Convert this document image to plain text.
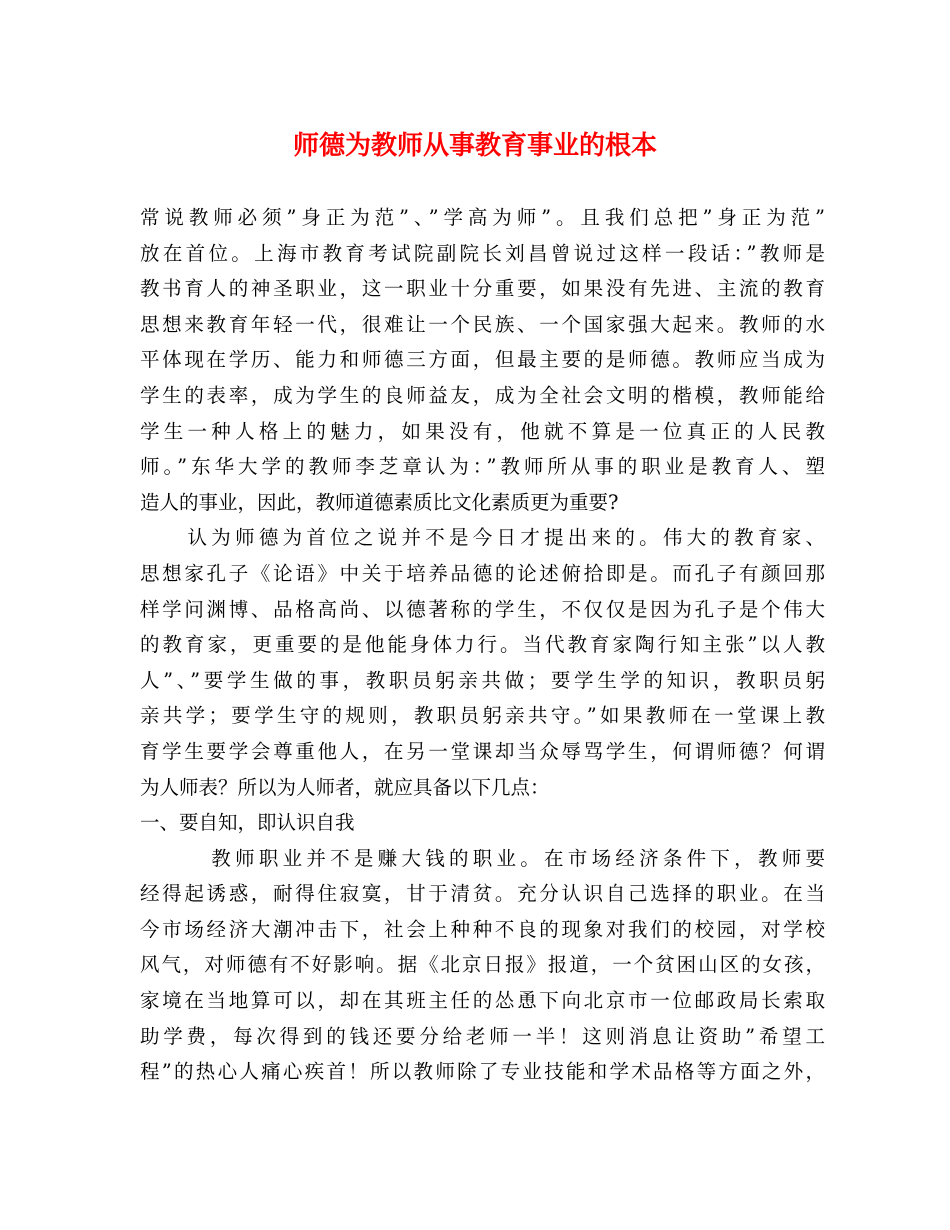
师德为教师从事教育事业的根本
常说教师必须”身正为范”、”学高为师”。且我们总把”身正为范”
放在首位。上海市教育考试院副院长刘昌曾说过这样一段话：”教师是
教书育人的神圣职业，这一职业十分重要，如果没有先进、主流的教育
思想来教育年轻一代，很难让一个民族、一个国家强大起来。教师的水
平体现在学历、能力和师德三方面，但最主要的是师德。教师应当成为
学生的表率，成为学生的良师益友，成为全社会文明的楷模，教师能给
学生一种人格上的魅力，如果没有，他就不算是一位真正的人民教
师。”东华大学的教师李芝章认为：”教师所从事的职业是教育人、塑
造人的事业，因此，教师道德素质比文化素质更为重要?
　　认为师德为首位之说并不是今日才提出来的。伟大的教育家、
思想家孔子《论语》中关于培养品德的论述俯拾即是。而孔子有颜回那
样学问渊博、品格高尚、以德著称的学生，不仅仅是因为孔子是个伟大
的教育家，更重要的是他能身体力行。当代教育家陶行知主张”以人教
人”、”要学生做的事，教职员躬亲共做；要学生学的知识，教职员躬
亲共学；要学生守的规则，教职员躬亲共守。”如果教师在一堂课上教
育学生要学会尊重他人，在另一堂课却当众辱骂学生，何谓师德？何谓
为人师表？所以为人师者，就应具备以下几点：
一、要自知，即认识自我
　　　教师职业并不是赚大钱的职业。在市场经济条件下，教师要
经得起诱惑，耐得住寂寞，甘于清贫。充分认识自己选择的职业。在当
今市场经济大潮冲击下，社会上种种不良的现象对我们的校园，对学校
风气，对师德有不好影响。据《北京日报》报道，一个贫困山区的女孩，
家境在当地算可以，却在其班主任的怂恿下向北京市一位邮政局长索取
助学费，每次得到的钱还要分给老师一半！这则消息让资助”希望工
程”的热心人痛心疾首！所以教师除了专业技能和学术品格等方面之外，
